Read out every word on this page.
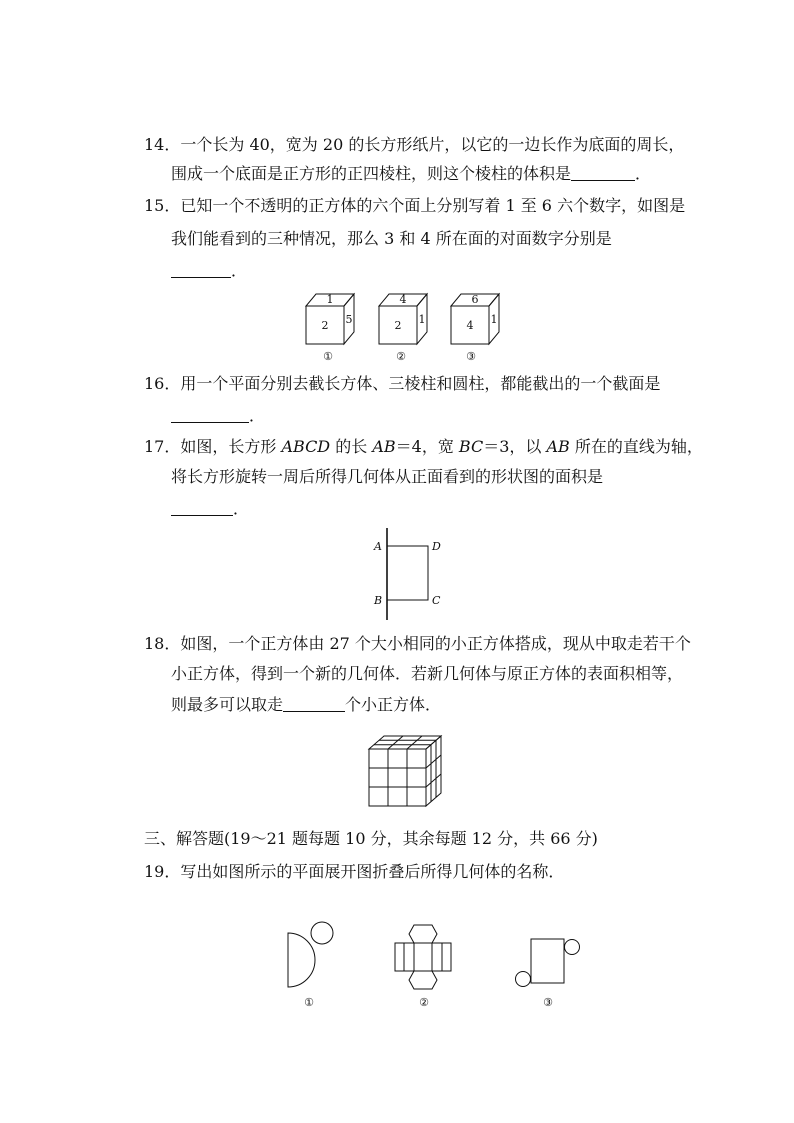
14．一个长为 40，宽为 20 的长方形纸片，以它的一边长作为底面的周长，
围成一个底面是正方形的正四棱柱，则这个棱柱的体积是	．
15．已知一个不透明的正方体的六个面上分别写着 1 至 6 六个数字，如图是
我们能看到的三种情况，那么 3 和 4 所在面的对面数字分别是
．
1
2 5
①
4
2 1
②
6
4 1
③
16．用一个平面分别去截长方体、三棱柱和圆柱，都能截出的一个截面是
．
17．如图，长方形 ABCD 的长 AB＝4，宽 BC＝3，以 AB 所在的直线为轴，
将长方形旋转一周后所得几何体从正面看到的形状图的面积是
．
A	D
B	C
18．如图，一个正方体由 27 个大小相同的小正方体搭成，现从中取走若干个
小正方体，得到一个新的几何体．若新几何体与原正方体的表面积相等，
则最多可以取走	个小正方体．
三、解答题(19～21 题每题 10 分，其余每题 12 分，共 66 分)
19．写出如图所示的平面展开图折叠后所得几何体的名称．
①	②	③
